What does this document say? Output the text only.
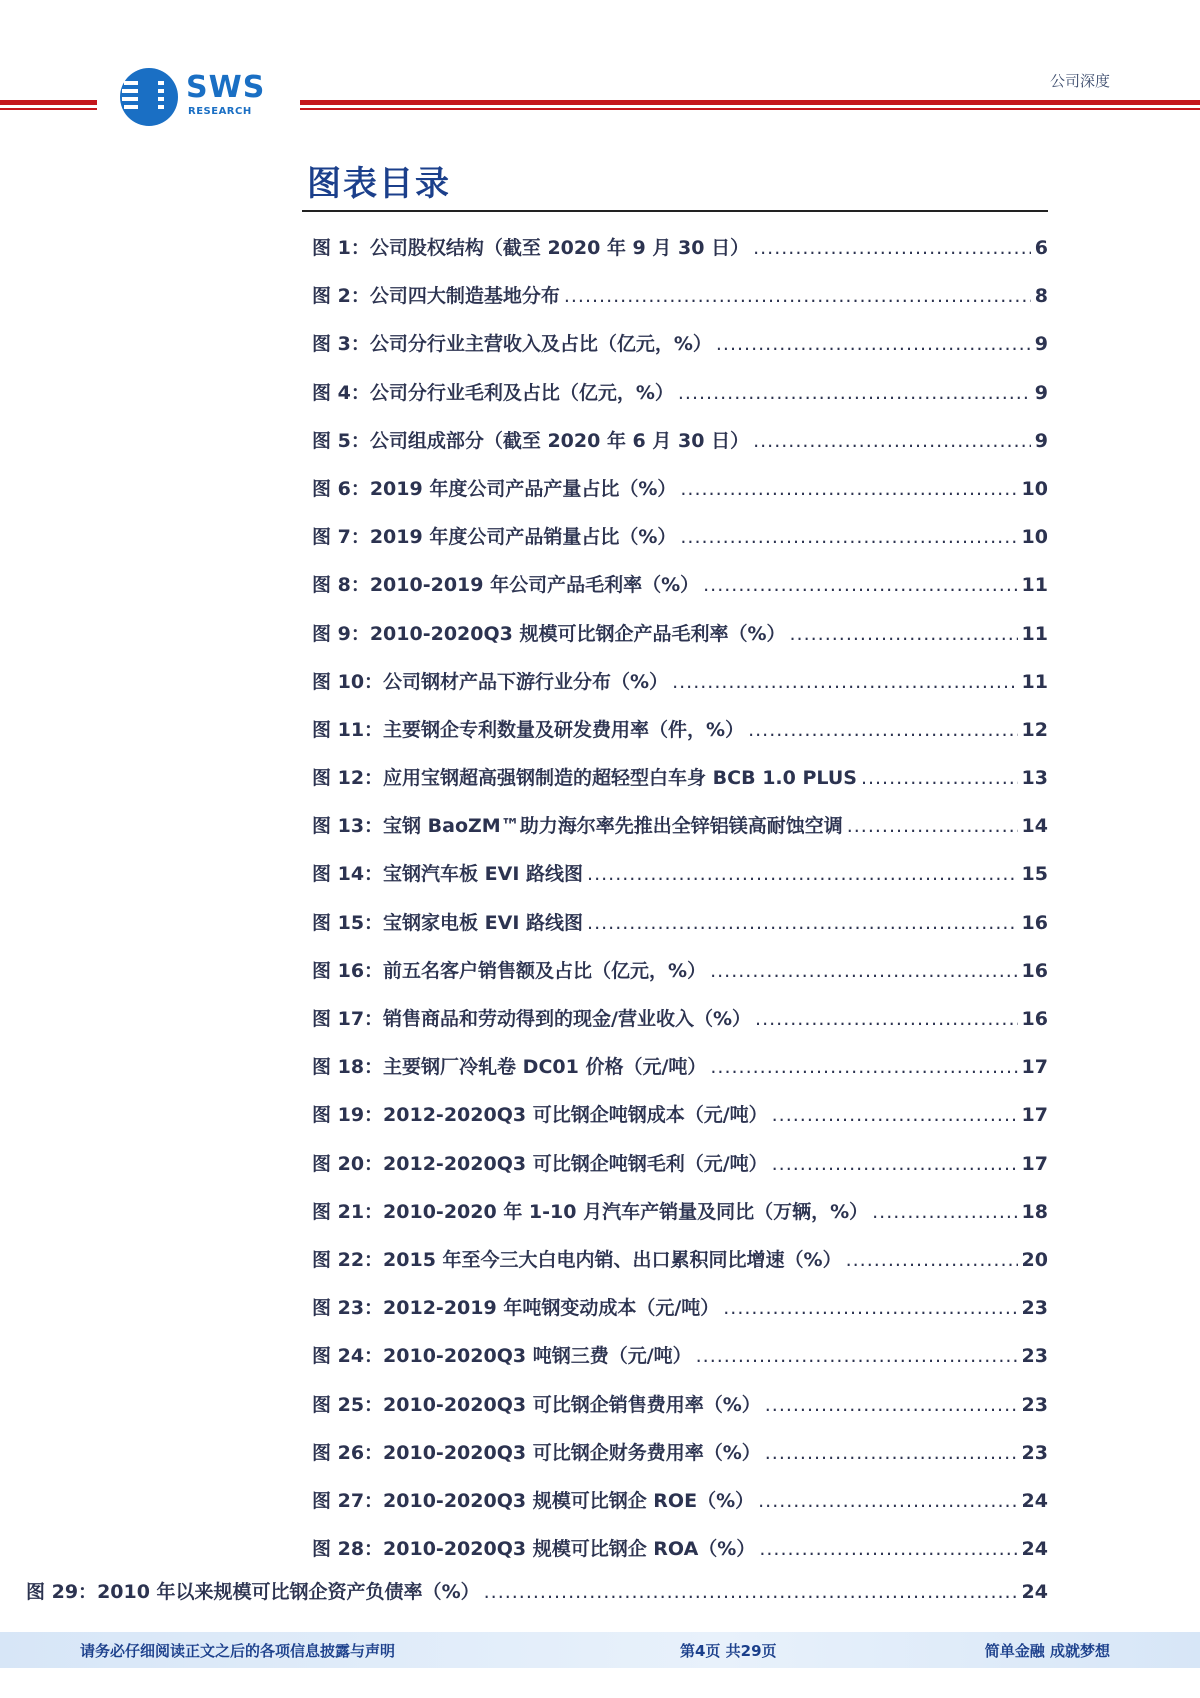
SWS
RESEARCH
公司深度
图表目录
图 1：公司股权结构（截至 2020 年 9 月 30 日） .....	6
图 2：公司四大制造基地分布 .....	8
图 3：公司分行业主营收入及占比（亿元，%） .....	9
图 4：公司分行业毛利及占比（亿元，%） .....	9
图 5：公司组成部分（截至 2020 年 6 月 30 日） .....	9
图 6：2019 年度公司产品产量占比（%） .....	10
图 7：2019 年度公司产品销量占比（%） .....	10
图 8：2010-2019 年公司产品毛利率（%） .....	11
图 9：2010-2020Q3 规模可比钢企产品毛利率（%） .....	11
图 10：公司钢材产品下游行业分布（%） .....	11
图 11：主要钢企专利数量及研发费用率（件，%） .....	12
图 12：应用宝钢超高强钢制造的超轻型白车身 BCB 1.0 PLUS .....	13
图 13：宝钢 BaoZM™助力海尔率先推出全锌铝镁高耐蚀空调 .....	14
图 14：宝钢汽车板 EVI 路线图 .....	15
图 15：宝钢家电板 EVI 路线图 .....	16
图 16：前五名客户销售额及占比（亿元，%） .....	16
图 17：销售商品和劳动得到的现金/营业收入（%） .....	16
图 18：主要钢厂冷轧卷 DC01 价格（元/吨） .....	17
图 19：2012-2020Q3 可比钢企吨钢成本（元/吨） .....	17
图 20：2012-2020Q3 可比钢企吨钢毛利（元/吨） .....	17
图 21：2010-2020 年 1-10 月汽车产销量及同比（万辆，%） .....	18
图 22：2015 年至今三大白电内销、出口累积同比增速（%） .....	20
图 23：2012-2019 年吨钢变动成本（元/吨） .....	23
图 24：2010-2020Q3 吨钢三费（元/吨） .....	23
图 25：2010-2020Q3 可比钢企销售费用率（%） .....	23
图 26：2010-2020Q3 可比钢企财务费用率（%） .....	23
图 27：2010-2020Q3 规模可比钢企 ROE（%） .....	24
图 28：2010-2020Q3 规模可比钢企 ROA（%） .....	24
图 29： 2010 年以来规模可比钢企资产负债率（ %） .....	24
请务必仔细阅读正文之后的各项信息披露与声明	第4页 共29页	简单金融 成就梦想
